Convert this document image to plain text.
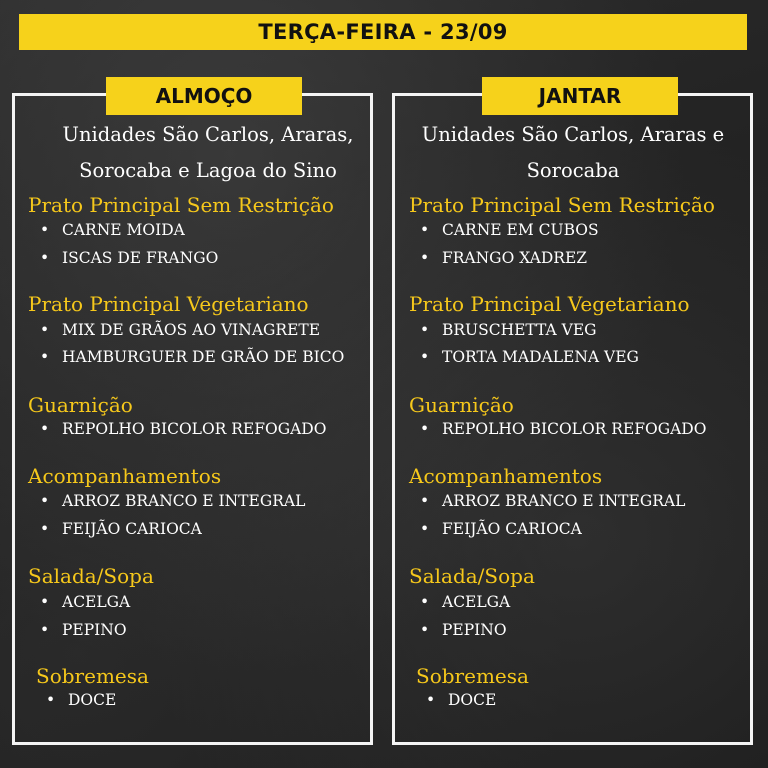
TERÇA-FEIRA - 23/09
ALMOÇO	JANTAR
Unidades São Carlos, Araras,
Sorocaba e Lagoa do Sino
Unidades São Carlos, Araras e
Sorocaba
Prato Principal Sem Restrição
• CARNE MOIDA
• ISCAS DE FRANGO
Prato Principal Vegetariano
• MIX DE GRÃOS AO VINAGRETE
• HAMBURGUER DE GRÃO DE BICO
Guarnição
• REPOLHO BICOLOR REFOGADO
Acompanhamentos
• ARROZ BRANCO E INTEGRAL
• FEIJÃO CARIOCA
Salada/Sopa
• ACELGA
• PEPINO
Sobremesa
• DOCE
Prato Principal Sem Restrição
• CARNE EM CUBOS
• FRANGO XADREZ
Prato Principal Vegetariano
• BRUSCHETTA VEG
• TORTA MADALENA VEG
Guarnição
• REPOLHO BICOLOR REFOGADO
Acompanhamentos
• ARROZ BRANCO E INTEGRAL
• FEIJÃO CARIOCA
Salada/Sopa
• ACELGA
• PEPINO
Sobremesa
• DOCE
